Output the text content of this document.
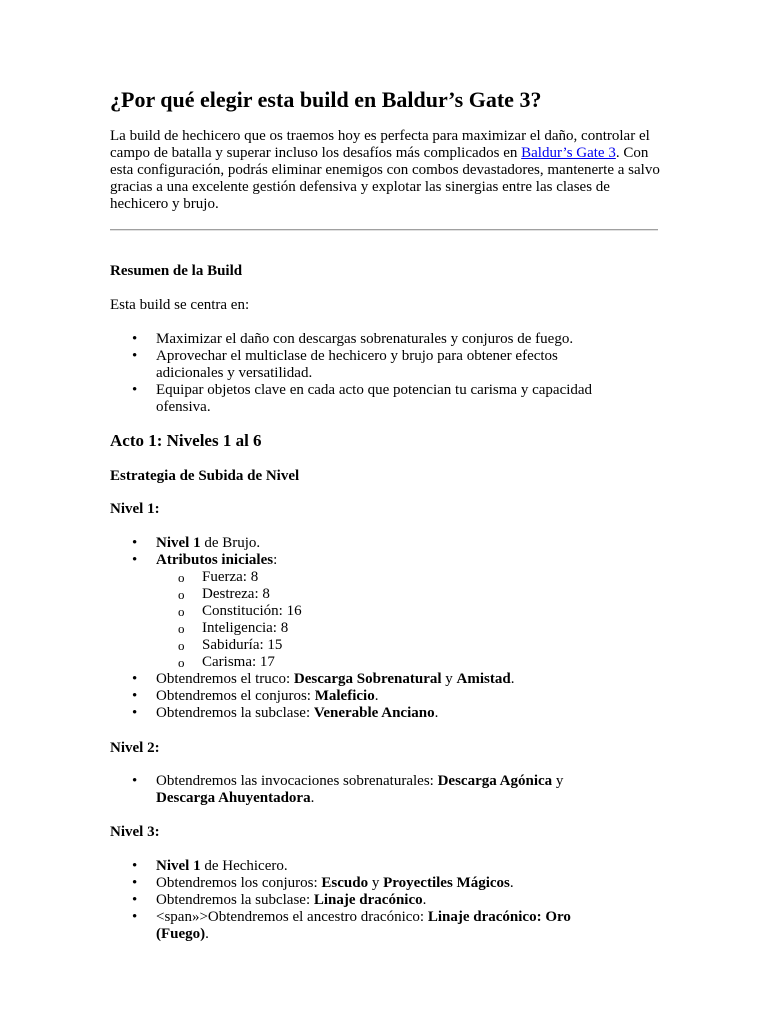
¿Por qué elegir esta build en Baldur’s Gate 3?

La build de hechicero que os traemos hoy es perfecta para maximizar el daño, controlar el campo de batalla y superar incluso los desafíos más complicados en Baldur’s Gate 3. Con esta configuración, podrás eliminar enemigos con combos devastadores, mantenerte a salvo gracias a una excelente gestión defensiva y explotar las sinergias entre las clases de hechicero y brujo.

Resumen de la Build
Esta build se centra en:
• Maximizar el daño con descargas sobrenaturales y conjuros de fuego.
• Aprovechar el multiclase de hechicero y brujo para obtener efectos adicionales y versatilidad.
• Equipar objetos clave en cada acto que potencian tu carisma y capacidad ofensiva.
Acto 1: Niveles 1 al 6
Estrategia de Subida de Nivel
Nivel 1:
• Nivel 1 de Brujo.
• Atributos iniciales:
o Fuerza: 8
o Destreza: 8
o Constitución: 16
o Inteligencia: 8
o Sabiduría: 15
o Carisma: 17
• Obtendremos el truco: Descarga Sobrenatural y Amistad.
• Obtendremos el conjuros: Maleficio.
• Obtendremos la subclase: Venerable Anciano.
Nivel 2:
• Obtendremos las invocaciones sobrenaturales: Descarga Agónica y Descarga Ahuyentadora.
Nivel 3:
• Nivel 1 de Hechicero.
• Obtendremos los conjuros: Escudo y Proyectiles Mágicos.
• Obtendremos la subclase: Linaje dracónico.
• <span»>Obtendremos el ancestro dracónico: Linaje dracónico: Oro (Fuego).
